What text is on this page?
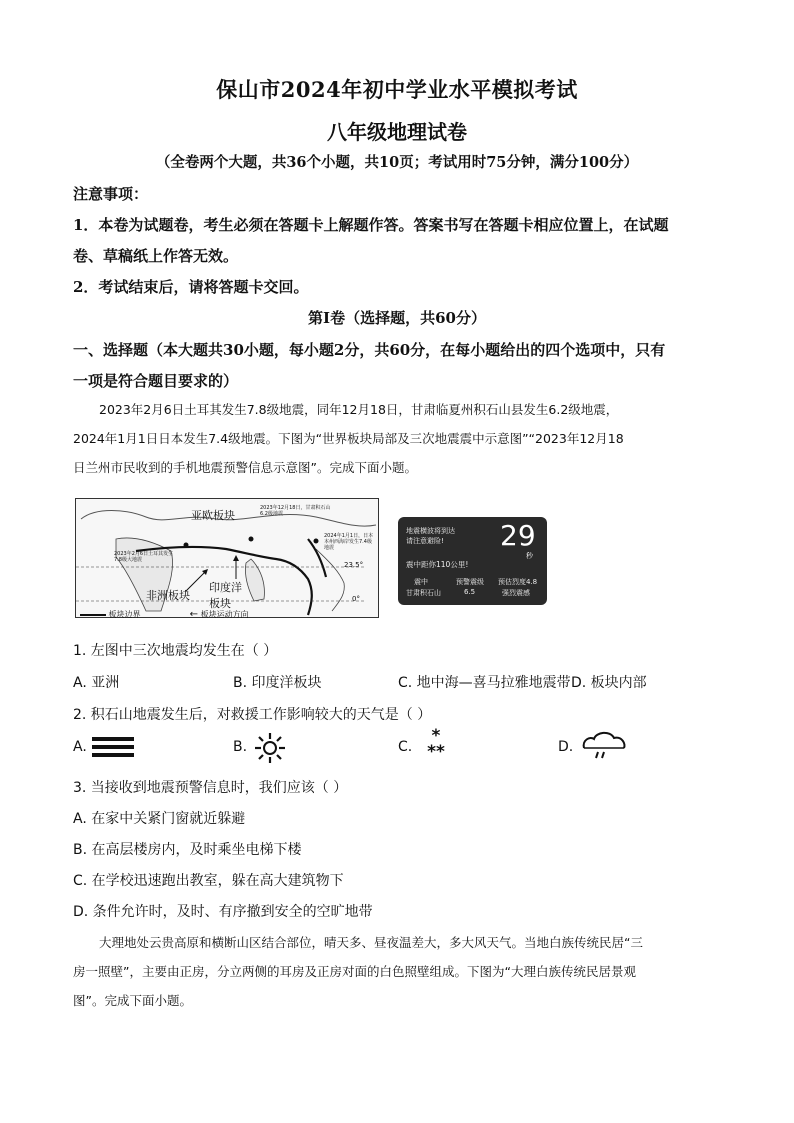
保山市2024年初中学业水平模拟考试
八年级地理试卷
（全卷两个大题，共36个小题，共10页；考试用时75分钟，满分100分）
注意事项：
1．本卷为试题卷，考生必须在答题卡上解题作答。答案书写在答题卡相应位置上，在试题
卷、草稿纸上作答无效。
2．考试结束后，请将答题卡交回。
第Ⅰ卷（选择题，共60分）
一、选择题（本大题共30小题，每小题2分，共60分，在每小题给出的四个选项中，只有
一项是符合题目要求的）
2023年2月6日土耳其发生7.8级地震，同年12月18日，甘肃临夏州积石山县发生6.2级地震，
2024年1月1日日本发生7.4级地震。下图为“世界板块局部及三次地震震中示意图”“2023年12月18
日兰州市民收到的手机地震预警信息示意图”。完成下面小题。
亚欧板块
2023年12月18日，甘肃积石山6.2级地震
2024年1月1日，日本本州西海岸发生7.4级地震
2023年2月6日土耳其发生7.8级大地震
印度洋
板块
非洲板块
23.5°
0°
板块边界	← 板块运动方向
地震横波将到达
请注意避险! 29
秒
震中距你110公里!
震中
甘肃积石山
预警震级
6.5
预估烈度4.8
强烈震感
1. 左图中三次地震均发生在（ ）
A. 亚洲	B. 印度洋板块	C. 地中海—喜马拉雅地震带 D. 板块内部
2. 积石山地震发生后，对救援工作影响较大的天气是（ ）
A.	B.	C.
*
**	D.
3. 当接收到地震预警信息时，我们应该（ ）
A. 在家中关紧门窗就近躲避
B. 在高层楼房内，及时乘坐电梯下楼
C. 在学校迅速跑出教室，躲在高大建筑物下
D. 条件允许时，及时、有序撤到安全的空旷地带
大理地处云贵高原和横断山区结合部位，晴天多、昼夜温差大，多大风天气。当地白族传统民居“三
房一照壁”，主要由正房，分立两侧的耳房及正房对面的白色照壁组成。下图为“大理白族传统民居景观
图”。完成下面小题。
